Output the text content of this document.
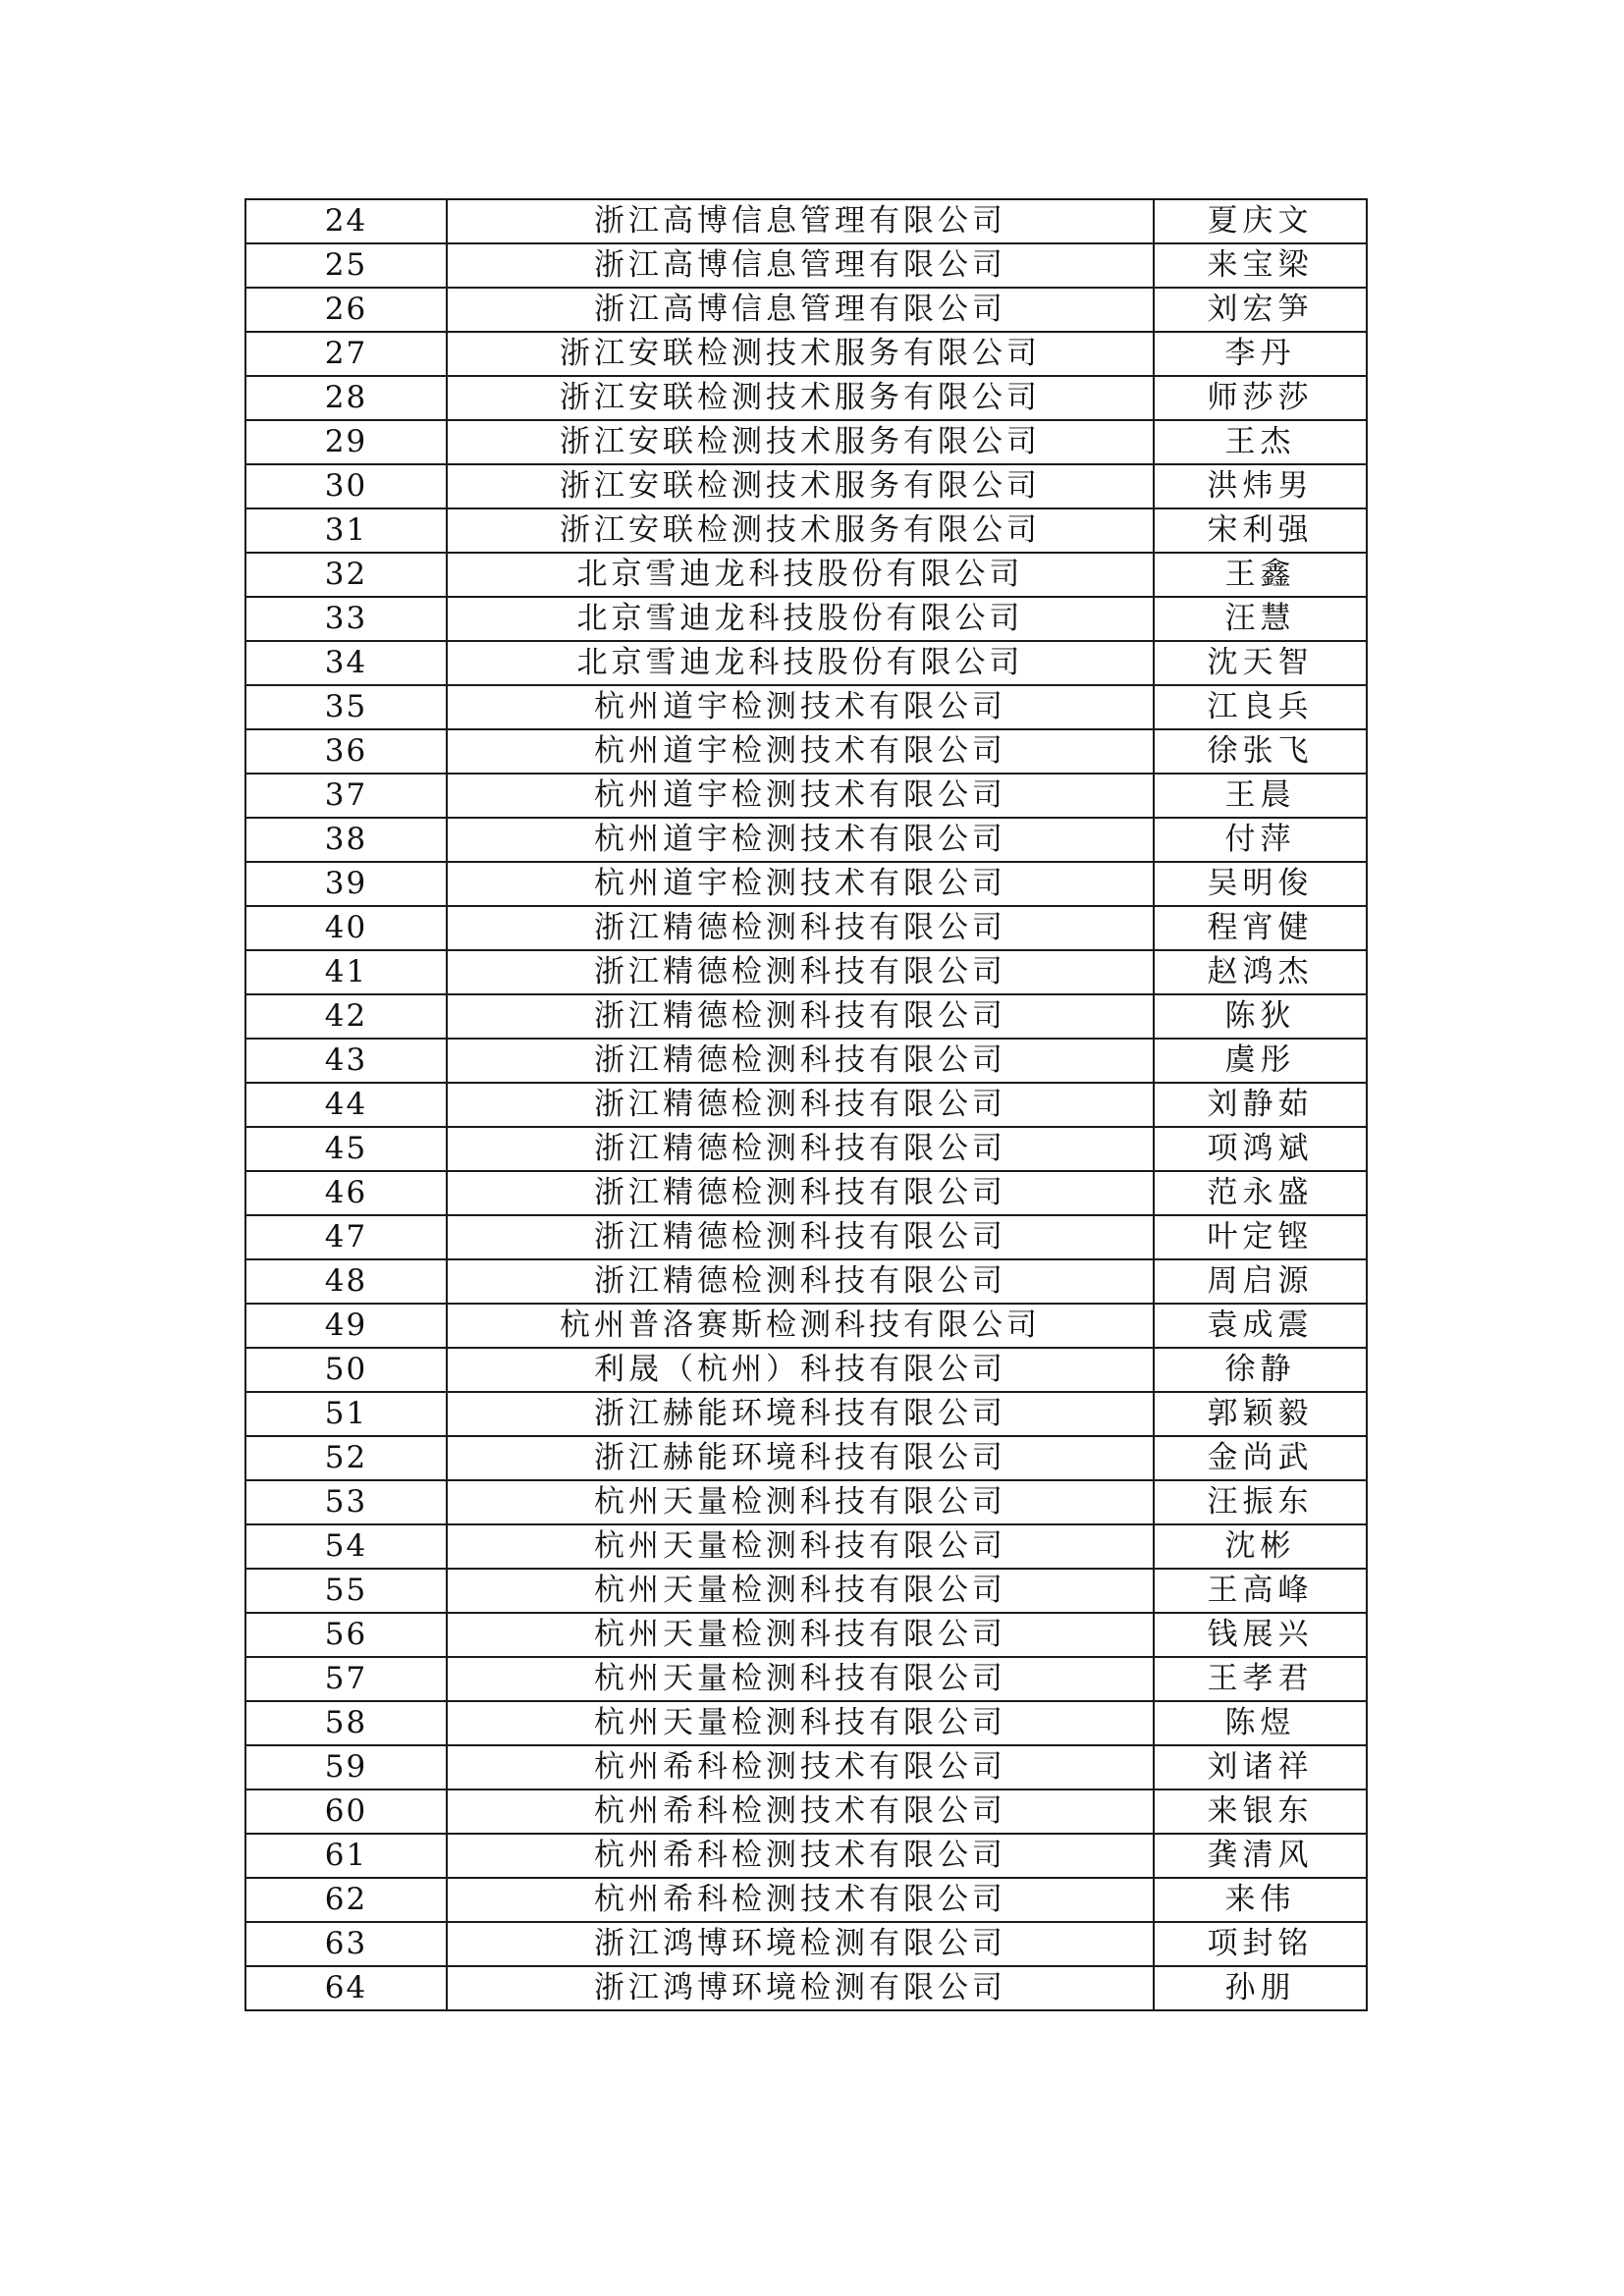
24	浙江高博信息管理有限公司	夏庆文
25	浙江高博信息管理有限公司	来宝梁
26	浙江高博信息管理有限公司	刘宏笋
27	浙江安联检测技术服务有限公司	李丹
28	浙江安联检测技术服务有限公司	师莎莎
29	浙江安联检测技术服务有限公司	王杰
30	浙江安联检测技术服务有限公司	洪炜男
31	浙江安联检测技术服务有限公司	宋利强
32	北京雪迪龙科技股份有限公司	王鑫
33	北京雪迪龙科技股份有限公司	汪慧
34	北京雪迪龙科技股份有限公司	沈天智
35	杭州道宇检测技术有限公司	江良兵
36	杭州道宇检测技术有限公司	徐张飞
37	杭州道宇检测技术有限公司	王晨
38	杭州道宇检测技术有限公司	付萍
39	杭州道宇检测技术有限公司	吴明俊
40	浙江精德检测科技有限公司	程宵健
41	浙江精德检测科技有限公司	赵鸿杰
42	浙江精德检测科技有限公司	陈狄
43	浙江精德检测科技有限公司	虞彤
44	浙江精德检测科技有限公司	刘静茹
45	浙江精德检测科技有限公司	项鸿斌
46	浙江精德检测科技有限公司	范永盛
47	浙江精德检测科技有限公司	叶定铿
48	浙江精德检测科技有限公司	周启源
49	杭州普洛赛斯检测科技有限公司	袁成震
50	利晟（杭州）科技有限公司	徐静
51	浙江赫能环境科技有限公司	郭颖毅
52	浙江赫能环境科技有限公司	金尚武
53	杭州天量检测科技有限公司	汪振东
54	杭州天量检测科技有限公司	沈彬
55	杭州天量检测科技有限公司	王高峰
56	杭州天量检测科技有限公司	钱展兴
57	杭州天量检测科技有限公司	王孝君
58	杭州天量检测科技有限公司	陈煜
59	杭州希科检测技术有限公司	刘诸祥
60	杭州希科检测技术有限公司	来银东
61	杭州希科检测技术有限公司	龚清风
62	杭州希科检测技术有限公司	来伟
63	浙江鸿博环境检测有限公司	项封铭
64	浙江鸿博环境检测有限公司	孙朋
